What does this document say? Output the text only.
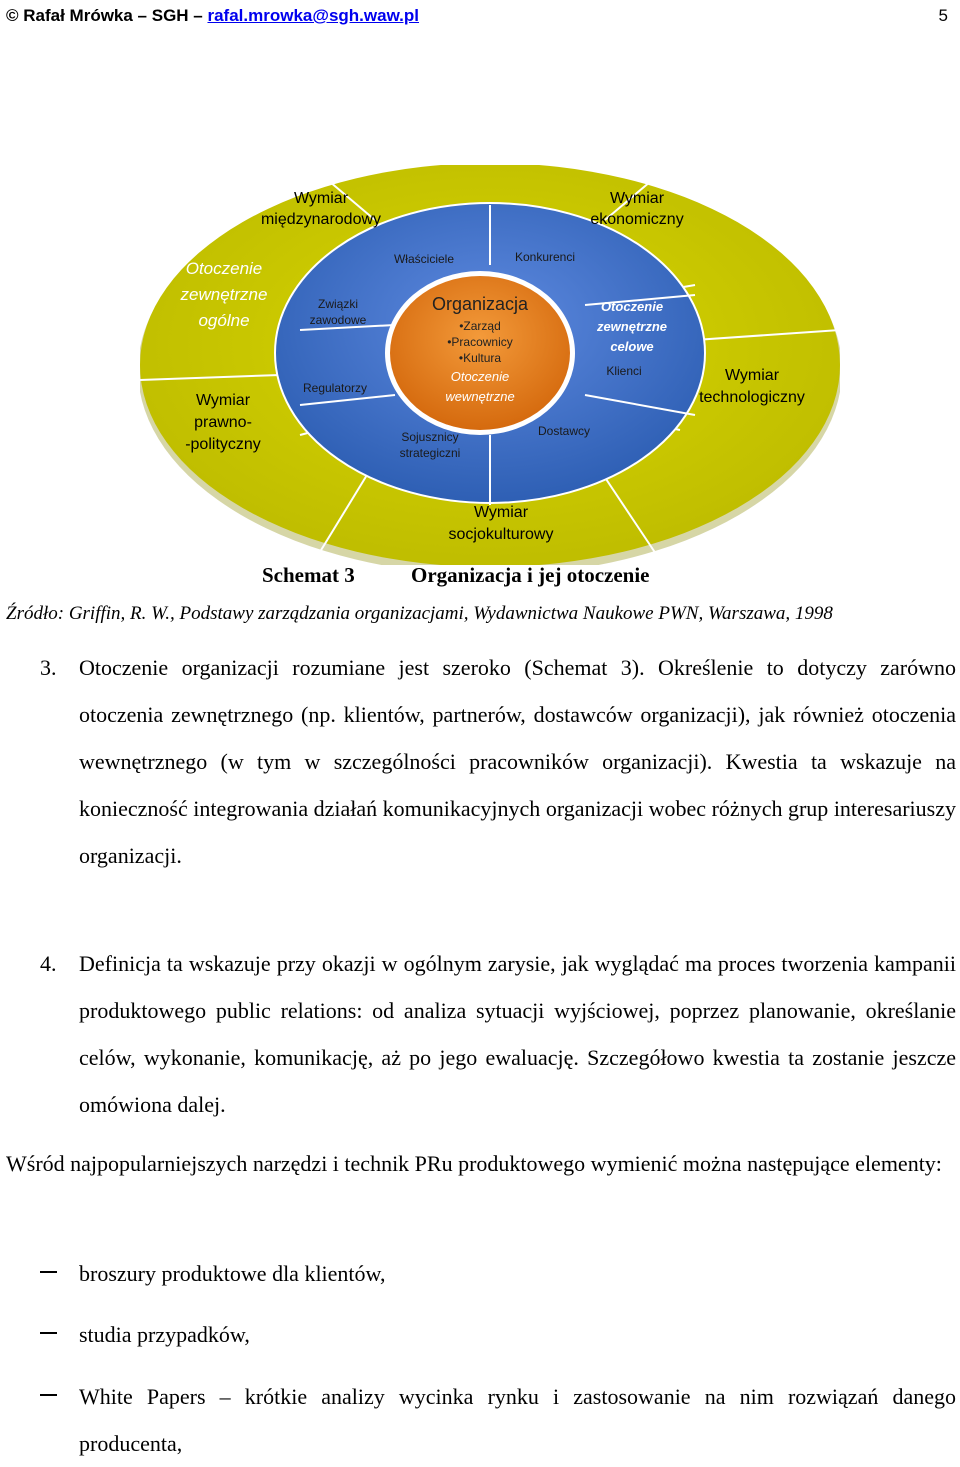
© Rafał Mrówka – SGH – rafal.mrowka@sgh.waw.pl	5
Wymiar międzynarodowy
Wymiar ekonomiczny
Wymiar prawno--polityczny
Wymiar technologiczny
Wymiar socjokulturowy
Otoczenie zewnętrzne ogólne
Właściciele	Konkurenci
Związki zawodowe
Regulatorzy
Klienci
Sojusznicy strategiczni
Dostawcy
Otoczenie zewnętrzne celowe
Organizacja
•Zarząd
•Pracownicy
•Kultura
Otoczenie wewnętrzne
Schemat 3	Organizacja i jej otoczenie
Źródło: Griffin, R. W., Podstawy zarządzania organizacjami, Wydawnictwa Naukowe PWN, Warszawa, 1998
3. Otoczenie organizacji rozumiane jest szeroko (Schemat 3). Określenie to dotyczy zarówno otoczenia zewnętrznego (np. klientów, partnerów, dostawców organizacji), jak również otoczenia wewnętrznego (w tym w szczególności pracowników organizacji). Kwestia ta wskazuje na konieczność integrowania działań komunikacyjnych organizacji wobec różnych grup interesariuszy organizacji.
4. Definicja ta wskazuje przy okazji w ogólnym zarysie, jak wyglądać ma proces tworzenia kampanii produktowego public relations: od analiza sytuacji wyjściowej, poprzez planowanie, określanie celów, wykonanie, komunikację, aż po jego ewaluację. Szczegółowo kwestia ta zostanie jeszcze omówiona dalej.
Wśród najpopularniejszych narzędzi i technik PRu produktowego wymienić można następujące elementy:
broszury produktowe dla klientów,
studia przypadków,
White Papers – krótkie analizy wycinka rynku i zastosowanie na nim rozwiązań danego producenta,
